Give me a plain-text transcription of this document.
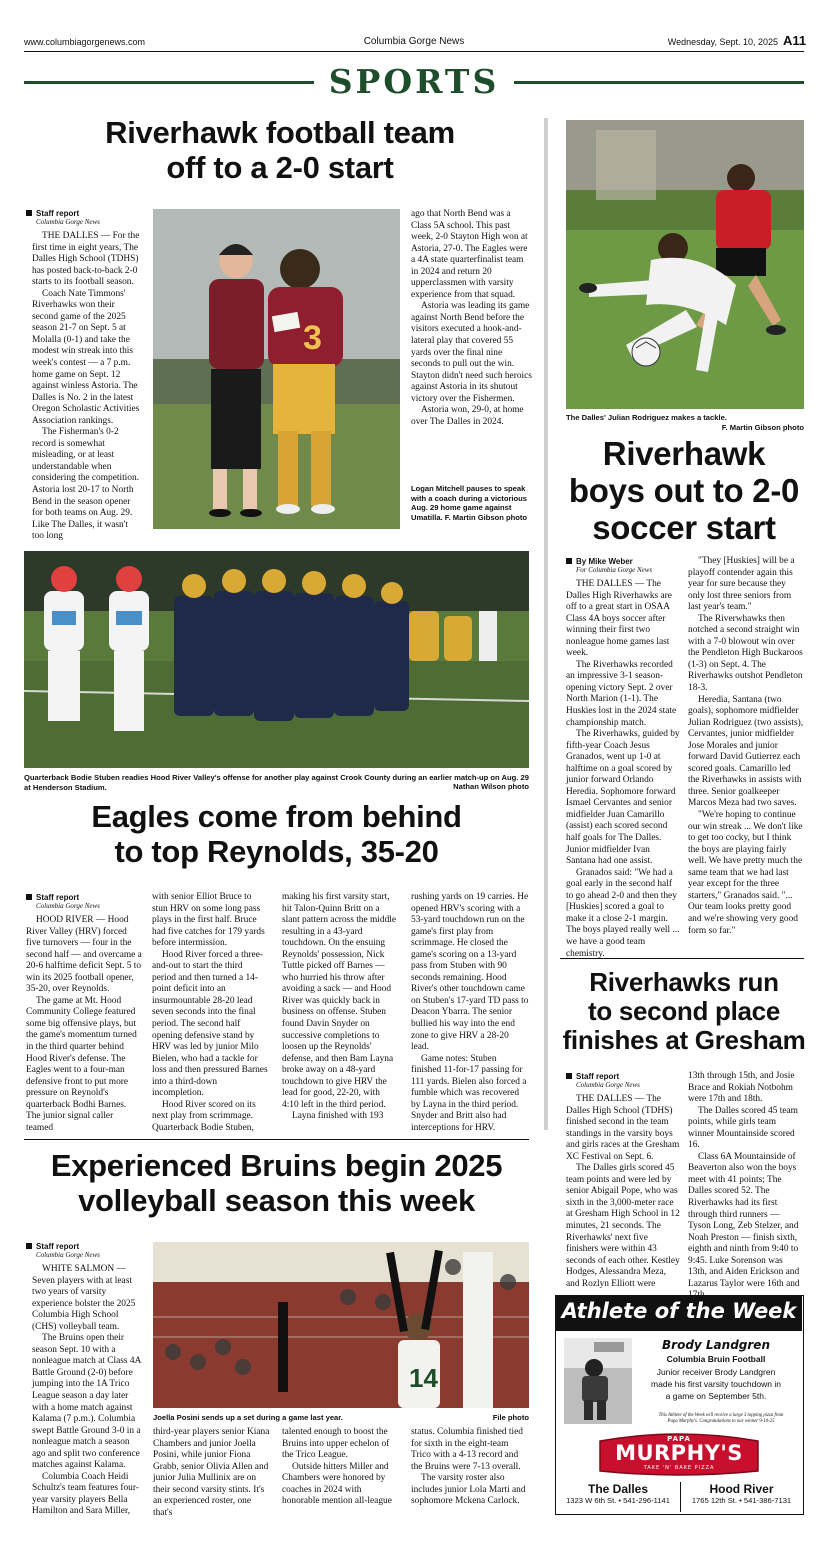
www.columbiagorgenews.com	Columbia Gorge News	Wednesday, Sept. 10, 2025 A11
SPORTS
Riverhawk football team
off to a 2-0 start
Staff report
Columbia Gorge News

THE DALLES — For the first time in eight years, The Dalles High School (TDHS) has posted back-to-back 2-0 starts to its football season.

Coach Nate Timmons' Riverhawks won their second game of the 2025 season 21-7 on Sept. 5 at Molalla (0-1) and take the modest win streak into this week's contest — a 7 p.m. home game on Sept. 12 against winless Astoria. The Dalles is No. 2 in the latest Oregon Scholastic Activities Association rankings.

The Fisherman's 0-2 record is somewhat misleading, or at least understandable when considering the competition. Astoria lost 20-17 to North Bend in the season opener for both teams on Aug. 29. Like The Dalles, it wasn't too long

3

ago that North Bend was a Class 5A school. This past week, 2-0 Stayton High won at Astoria, 27-0. The Eagles were a 4A state quarterfinalist team in 2024 and return 20 upperclassmen with varsity experience from that squad.

Astoria was leading its game against North Bend before the visitors executed a hook-and-lateral play that covered 55 yards over the final nine seconds to pull out the win. Stayton didn't need such heroics against Astoria in its shutout victory over the Fishermen.

Astoria won, 29-0, at home over The Dalles in 2024.

Logan Mitchell pauses to speak with a coach during a victorious Aug. 29 home game against Umatilla. F. Martin Gibson photo
The Dalles' Julian Rodriguez makes a tackle.
F. Martin Gibson photo
Riverhawk
boys out to 2-0
soccer start
By Mike Weber
For Columbia Gorge News

THE DALLES — The Dalles High Riverhawks are off to a great start in OSAA Class 4A boys soccer after winning their first two nonleague home games last week.

The Riverhawks recorded an impressive 3-1 season-opening victory Sept. 2 over North Marion (1-1). The Huskies lost in the 2024 state championship match.

The Riverhawks, guided by fifth-year Coach Jesus Granados, went up 1-0 at halftime on a goal scored by junior forward Orlando Heredia. Sophomore forward Ismael Cervantes and senior midfielder Juan Camarillo (assist) each scored second half goals for The Dalles. Junior midfielder Ivan Santana had one assist.

Granados said: "We had a goal early in the second half to go ahead 2-0 and then they [Huskies] scored a goal to make it a close 2-1 margin. The boys played really well ... we have a good team chemistry.

"They [Huskies] will be a playoff contender again this year for sure because they only lost three seniors from last year's team."

The Riverwhawks then notched a second straight win with a 7-0 blowout win over the Pendleton High Buckaroos (1-3) on Sept. 4. The Riverhawks outshot Pendleton 18-3.

Heredia, Santana (two goals), sophomore midfielder Julian Rodriguez (two assists), Cervantes, junior midfielder Jose Morales and junior forward David Gutierrez each scored goals. Camarillo led the Riverhawks in assists with three. Senior goalkeeper Marcos Meza had two saves.

"We're hoping to continue our win streak ... We don't like to get too cocky, but I think the boys are playing fairly well. We have pretty much the same team that we had last year except for the three starters," Granados said. "... Our team looks pretty good and we're showing very good form so far."

Quarterback Bodie Stuben readies Hood River Valley's offense for another play against Crook County during an earlier match-up on Aug. 29 at Henderson Stadium.	Nathan Wilson photo
Eagles come from behind
to top Reynolds, 35-20
Staff report
Columbia Gorge News

HOOD RIVER — Hood River Valley (HRV) forced five turnovers — four in the second half — and overcame a 20-6 halftime deficit Sept. 5 to win its 2025 football opener, 35-20, over Reynolds.

The game at Mt. Hood Community College featured some big offensive plays, but the game's momentum turned in the third quarter behind Hood River's defense. The Eagles went to a four-man defensive front to put more pressure on Reynold's quarterback Bodhi Barnes. The junior signal caller teamed

with senior Elliot Bruce to stun HRV on some long pass plays in the first half. Bruce had five catches for 179 yards before intermission.

Hood River forced a three-and-out to start the third period and then turned a 14-point deficit into an insurmountable 28-20 lead seven seconds into the final period. The second half opening defensive stand by HRV was led by junior Milo Bielen, who had a tackle for loss and then pressured Barnes into a third-down incompletion.

Hood River scored on its next play from scrimmage. Quarterback Bodie Stuben,

making his first varsity start, hit Talon-Quinn Britt on a slant pattern across the middle resulting in a 43-yard touchdown. On the ensuing Reynolds' possession, Nick Tuttle picked off Barnes — who hurried his throw after avoiding a sack — and Hood River was quickly back in business on offense. Stuben found Davin Snyder on successive completions to loosen up the Reynolds' defense, and then Bam Layna broke away on a 48-yard touchdown to give HRV the lead for good, 22-20, with 4:10 left in the third period.

Layna finished with 193

rushing yards on 19 carries. He opened HRV's scoring with a 53-yard touchdown run on the game's first play from scrimmage. He closed the game's scoring on a 13-yard pass from Stuben with 90 seconds remaining. Hood River's other touchdown came on Stuben's 17-yard TD pass to Deacon Ybarra. The senior bullied his way into the end zone to give HRV a 28-20 lead.

Game notes: Stuben finished 11-for-17 passing for 111 yards. Bielen also forced a fumble which was recovered by Layna in the third period. Snyder and Britt also had interceptions for HRV.

Riverhawks run
to second place
finishes at Gresham
Staff report
Columbia Gorge News

THE DALLES — The Dalles High School (TDHS) finished second in the team standings in the varsity boys and girls races at the Gresham XC Festival on Sept. 6.

The Dalles girls scored 45 team points and were led by senior Abigail Pope, who was sixth in the 3,000-meter race at Gresham High School in 12 minutes, 21 seconds. The Riverhawks' next five finishers were within 43 seconds of each other. Kestley Hodges, Alessandra Meza, and Rozlyn Elliott were

13th through 15th, and Josie Brace and Rokiah Notbohm were 17th and 18th.

The Dalles scored 45 team points, while girls team winner Mountainside scored 16.

Class 6A Mountainside of Beaverton also won the boys meet with 41 points; The Dalles scored 52. The Riverhawks had its first through third runners — Tyson Long, Zeb Stelzer, and Noah Preston — finish sixth, eighth and ninth from 9:40 to 9:45. Luke Sorenson was 13th, and Aiden Erickson and Lazarus Taylor were 16th and

Experienced Bruins begin 2025
volleyball season this week
Staff report
Columbia Gorge News

WHITE SALMON — Seven players with at least two years of varsity experience bolster the 2025 Columbia High School (CHS) volleyball team.

The Bruins open their season Sept. 10 with a nonleague match at Class 4A Battle Ground (2-0) before jumping into the 1A Trico League season a day later with a home match against Kalama (7 p.m.). Columbia swept Battle Ground 3-0 in a nonleague match a season ago and split two conference matches against Kalama.

Columbia Coach Heidi Schultz's team features four-year varsity players Bella Hamilton and Sara Miller,

14
Joella Posini sends up a set during a game last year.	File photo

third-year players senior Kiana Chambers and junior Joella Posini, while junior Fiona Grabb, senior Olivia Allen and junior Julia Mullinix are on their second varsity stints. It's an experienced roster, one that's

talented enough to boost the Bruins into upper echelon of the Trico League.

Outside hitters Miller and Chambers were honored by coaches in 2024 with honorable mention all-league

status. Columbia finished tied for sixth in the eight-team Trico with a 4-13 record and the Bruins were 7-13 overall.

The varsity roster also includes junior Lola Marti and sophomore Mckena Carlock.

Athlete of the Week
Brody Landgren
Columbia Bruin Football
Junior receiver Brody Landgren made his first varsity touchdown in a game on September 5th.
This Athlete of the Week will receive a large 3 topping pizza from Papa Murphy's. Congratulations to our winner 9-10-25
PAPA
MURPHY'S
TAKE 'N' BAKE PIZZA
The Dalles
1323 W 6th St. • 541-296-1141
Hood River
1765 12th St. • 541-386-7131
